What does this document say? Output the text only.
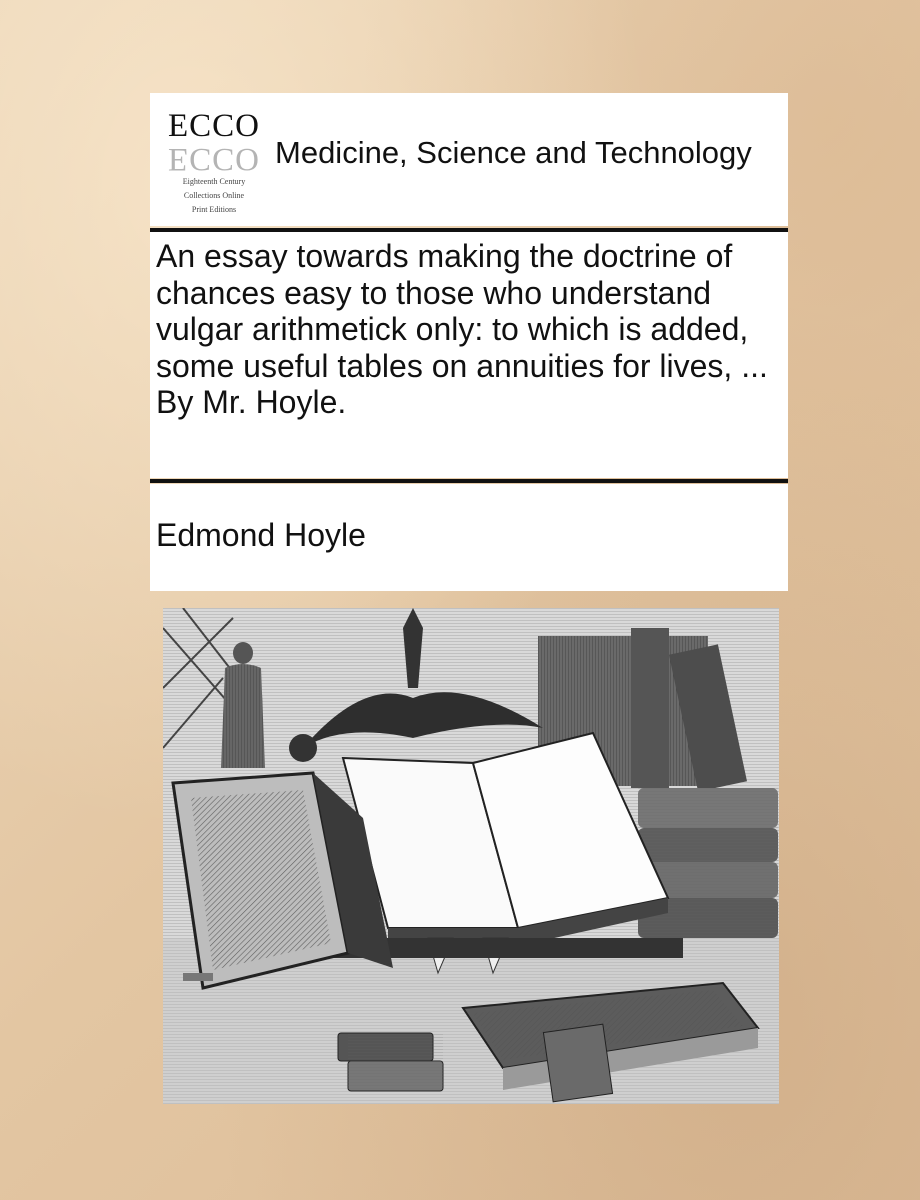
ECCO
ECCO
Eighteenth Century
Collections Online
Print Editions
Medicine, Science and Technology
An essay towards making the doctrine of chances easy to those who understand vulgar arithmetick only: to which is added, some useful tables on annuities for lives, ... By Mr. Hoyle.
Edmond Hoyle
